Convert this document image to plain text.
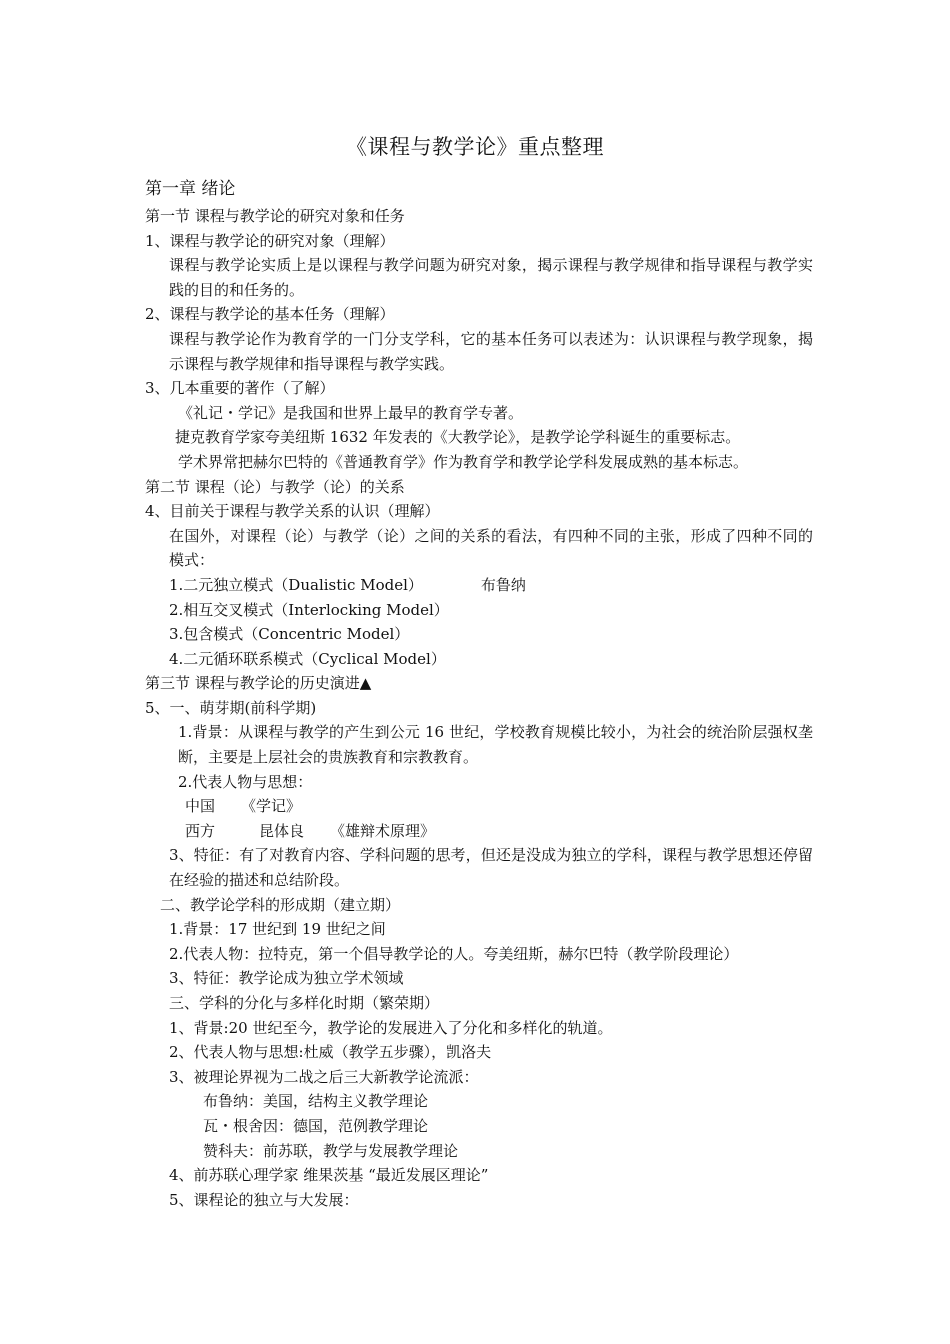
《课程与教学论》重点整理

第一章 绪论

第一节 课程与教学论的研究对象和任务

1、课程与教学论的研究对象（理解）

课程与教学论实质上是以课程与教学问题为研究对象，揭示课程与教学规律和指导课程与教学实践的目的和任务的。

2、课程与教学论的基本任务（理解）

课程与教学论作为教育学的一门分支学科，它的基本任务可以表述为：认识课程与教学现象，揭示课程与教学规律和指导课程与教学实践。

3、几本重要的著作（了解）

《礼记・学记》是我国和世界上最早的教育学专著。

捷克教育学家夸美纽斯 1632 年发表的《大教学论》，是教学论学科诞生的重要标志。

学术界常把赫尔巴特的《普通教育学》作为教育学和教学论学科发展成熟的基本标志。

第二节 课程（论）与教学（论）的关系

4、目前关于课程与教学关系的认识（理解）

在国外，对课程（论）与教学（论）之间的关系的看法，有四种不同的主张，形成了四种不同的模式：

1.二元独立模式（Dualistic Model）	布鲁纳

2.相互交叉模式（Interlocking Model）

3.包含模式（Concentric Model）

4.二元循环联系模式（Cyclical Model）

第三节 课程与教学论的历史演进▲

5、一、萌芽期(前科学期)

1.背景：从课程与教学的产生到公元 16 世纪，学校教育规模比较小，为社会的统治阶层强权垄断，主要是上层社会的贵族教育和宗教教育。

2.代表人物与思想：

中国 《学记》

西方	昆体良 《雄辩术原理》

3、特征：有了对教育内容、学科问题的思考，但还是没成为独立的学科，课程与教学思想还停留在经验的描述和总结阶段。

二、教学论学科的形成期（建立期）

1.背景：17 世纪到 19 世纪之间

2.代表人物：拉特克，第一个倡导教学论的人。夸美纽斯，赫尔巴特（教学阶段理论）

3、特征：教学论成为独立学术领域

三、学科的分化与多样化时期（繁荣期）

1、背景:20 世纪至今，教学论的发展进入了分化和多样化的轨道。

2、代表人物与思想:杜威（教学五步骤），凯洛夫

3、被理论界视为二战之后三大新教学论流派：

布鲁纳：美国，结构主义教学理论

瓦・根舍因：德国，范例教学理论

赞科夫：前苏联，教学与发展教学理论

4、前苏联心理学家 维果茨基 “最近发展区理论”

5、课程论的独立与大发展：
